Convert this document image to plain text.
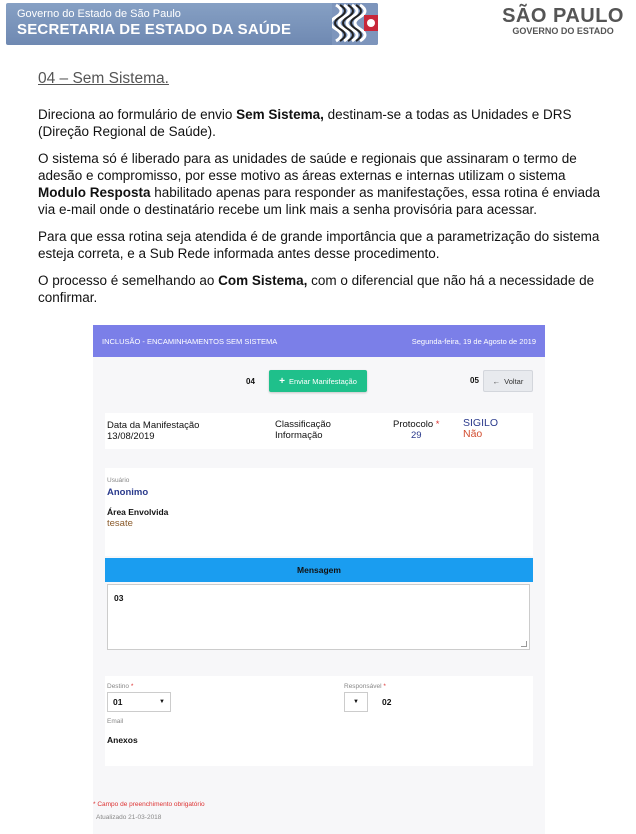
Governo do Estado de São Paulo
SECRETARIA DE ESTADO DA SAÚDE
SÃO PAULO
GOVERNO DO ESTADO
04 – Sem Sistema.

Direciona ao formulário de envio Sem Sistema, destinam-se a todas as Unidades e DRS (Direção Regional de Saúde).

O sistema só é liberado para as unidades de saúde e regionais que assinaram o termo de adesão e compromisso, por esse motivo as áreas externas e internas utilizam o sistema Modulo Resposta habilitado apenas para responder as manifestações, essa rotina é enviada via e-mail onde o destinatário recebe um link mais a senha provisória para acessar.

Para que essa rotina seja atendida é de grande importância que a parametrização do sistema esteja correta, e a Sub Rede informada antes desse procedimento.

O processo é semelhando ao Com Sistema, com o diferencial que não há a necessidade de confirmar.

INCLUSÃO - ENCAMINHAMENTOS SEM SISTEMA	Segunda-feira, 19 de Agosto de 2019
04 + Enviar Manifestação	05 ← Voltar
Data da Manifestação
13/08/2019
Classificação
Informação
Protocolo *
29
SIGILO
Não
Usuário
Anonimo
Área Envolvida
tesate
Mensagem
03
Destino *
01	▼
Responsável *
▼	02
Email
Anexos
* Campo de preenchimento obrigatório
Atualizado 21-03-2018
